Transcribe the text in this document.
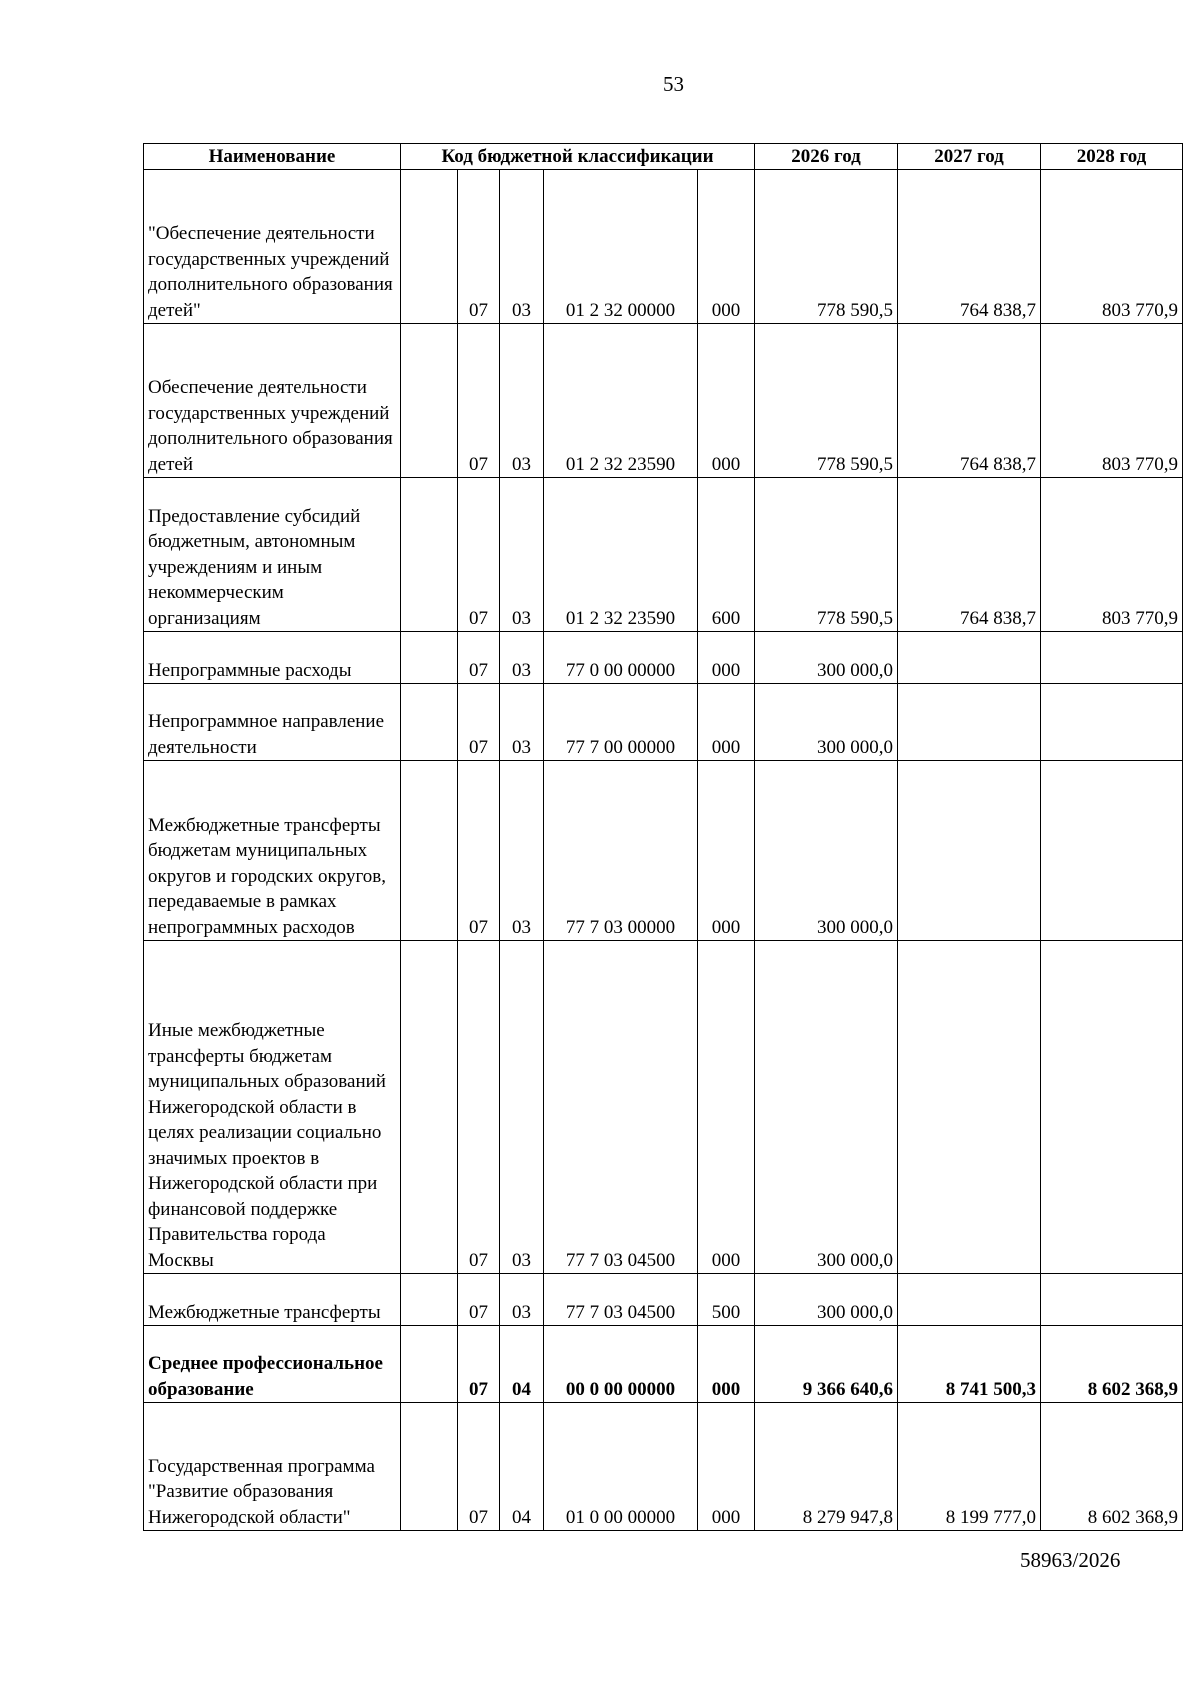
53
Наименование	Код бюджетной классификации					2026 год	2027 год	2028 год
"Обеспечение деятельности государственных учреждений дополнительного образования детей"		07	03	01 2 32 00000	000	778 590,5	764 838,7	803 770,9
Обеспечение деятельности государственных учреждений дополнительного образования детей		07	03	01 2 32 23590	000	778 590,5	764 838,7	803 770,9
Предоставление субсидий бюджетным, автономным учреждениям и иным некоммерческим организациям		07	03	01 2 32 23590	600	778 590,5	764 838,7	803 770,9
Непрограммные расходы		07	03	77 0 00 00000	000	300 000,0		
Непрограммное направление деятельности		07	03	77 7 00 00000	000	300 000,0		
Межбюджетные трансферты бюджетам муниципальных округов и городских округов, передаваемые в рамках непрограммных расходов		07	03	77 7 03 00000	000	300 000,0		
Иные межбюджетные трансферты бюджетам муниципальных образований Нижегородской области в целях реализации социально значимых проектов в Нижегородской области при финансовой поддержке Правительства города Москвы		07	03	77 7 03 04500	000	300 000,0		
Межбюджетные трансферты		07	03	77 7 03 04500	500	300 000,0		
Среднее профессиональное образование		07	04	00 0 00 00000	000	9 366 640,6	8 741 500,3	8 602 368,9
Государственная программа "Развитие образования Нижегородской области"		07	04	01 0 00 00000	000	8 279 947,8	8 199 777,0	8 602 368,9
58963/2026
